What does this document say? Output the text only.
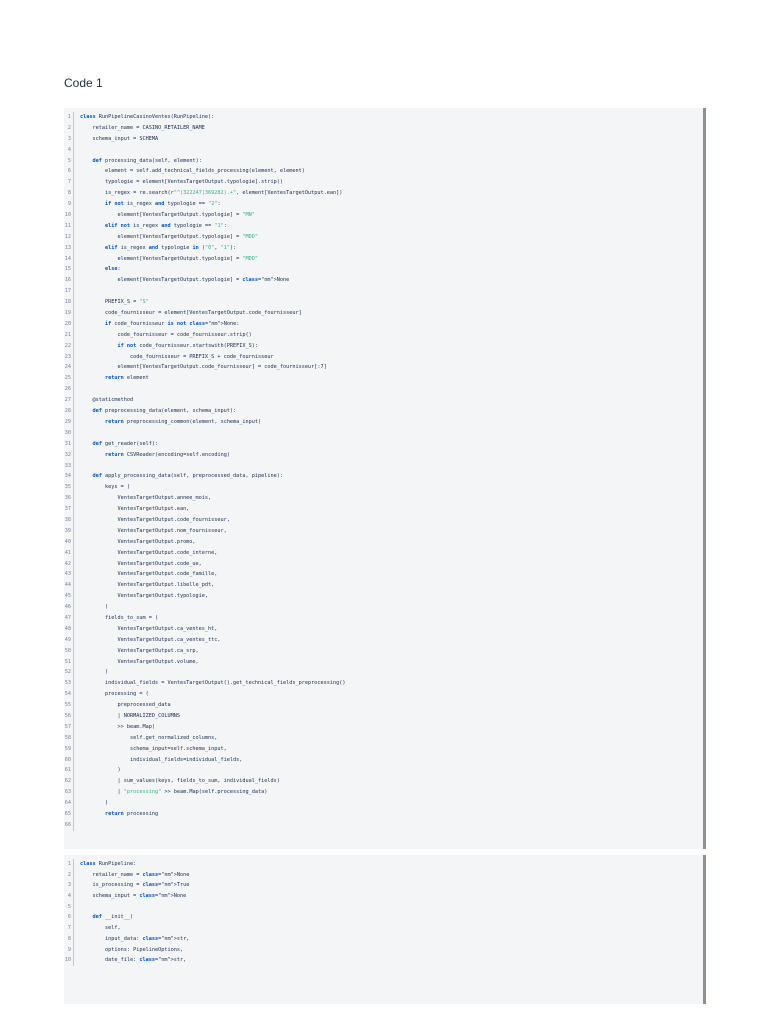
Code 1
1	class RunPipelineCasinoVentes(RunPipeline):
2	retailer_name = CASINO_RETAILER_NAME
3	schema_input = SCHEMA
4
5	def processing_data(self, element):
6	element = self.add_technical_fields_processing(element, element)
7	typologie = element[VentesTargetOutput.typologie].strip()
8	is_regex = re.search(r"^(322247|369282).+", element[VentesTargetOutput.ean])
9	if not is_regex and typologie == "2":
10	element[VentesTargetOutput.typologie] = "MN"
11	elif not is_regex and typologie == "1":
12	element[VentesTargetOutput.typologie] = "MDD"
13	elif is_regex and typologie in ("0", "1"):
14	element[VentesTargetOutput.typologie] = "MDD"
15	else:
16	element[VentesTargetOutput.typologie] = class="nm">None
17
18	PREFIX_S = "S"
19	code_fournisseur = element[VentesTargetOutput.code_fournisseur]
20	if code_fournisseur is not class="nm">None:
21	code_fournisseur = code_fournisseur.strip()
22	if not code_fournisseur.startswith(PREFIX_S):
23	code_fournisseur = PREFIX_S + code_fournisseur
24	element[VentesTargetOutput.code_fournisseur] = code_fournisseur[:7]
25	return element
26
27	@staticmethod
28	def preprocessing_data(element, schema_input):
29	return preprocessing_common(element, schema_input)
30
31	def get_reader(self):
32	return CSVReader(encoding=self.encoding)
33
34	def apply_processing_data(self, preprocessed_data, pipeline):
35	keys = (
36	VentesTargetOutput.annee_mois,
37	VentesTargetOutput.ean,
38	VentesTargetOutput.code_fournisseur,
39	VentesTargetOutput.nom_fournisseur,
40	VentesTargetOutput.promo,
41	VentesTargetOutput.code_interne,
42	VentesTargetOutput.code_ue,
43	VentesTargetOutput.code_famille,
44	VentesTargetOutput.libelle_pdt,
45	VentesTargetOutput.typologie,
46	)
47	fields_to_sum = (
48	VentesTargetOutput.ca_ventes_ht,
49	VentesTargetOutput.ca_ventes_ttc,
50	VentesTargetOutput.ca_srp,
51	VentesTargetOutput.volume,
52	)
53	individual_fields = VentesTargetOutput().get_technical_fields_preprocessing()
54	processing = (
55	preprocessed_data
56	| NORMALIZED_COLUMNS
57	>> beam.Map(
58	self.get_normalized_columns,
59	schema_input=self.schema_input,
60	individual_fields=individual_fields,
61	)
62	| sum_values(keys, fields_to_sum, individual_fields)
63	| "processing" >> beam.Map(self.processing_data)
64	)
65	return processing
66
1	class RunPipeline:
2	retailer_name = class="nm">None
3	is_processing = class="nm">True
4	schema_input = class="nm">None
5
6	def __init__(
7	self,
8	input_data: class="nm">str,
9	options: PipelineOptions,
10	date_file: class="nm">str,
